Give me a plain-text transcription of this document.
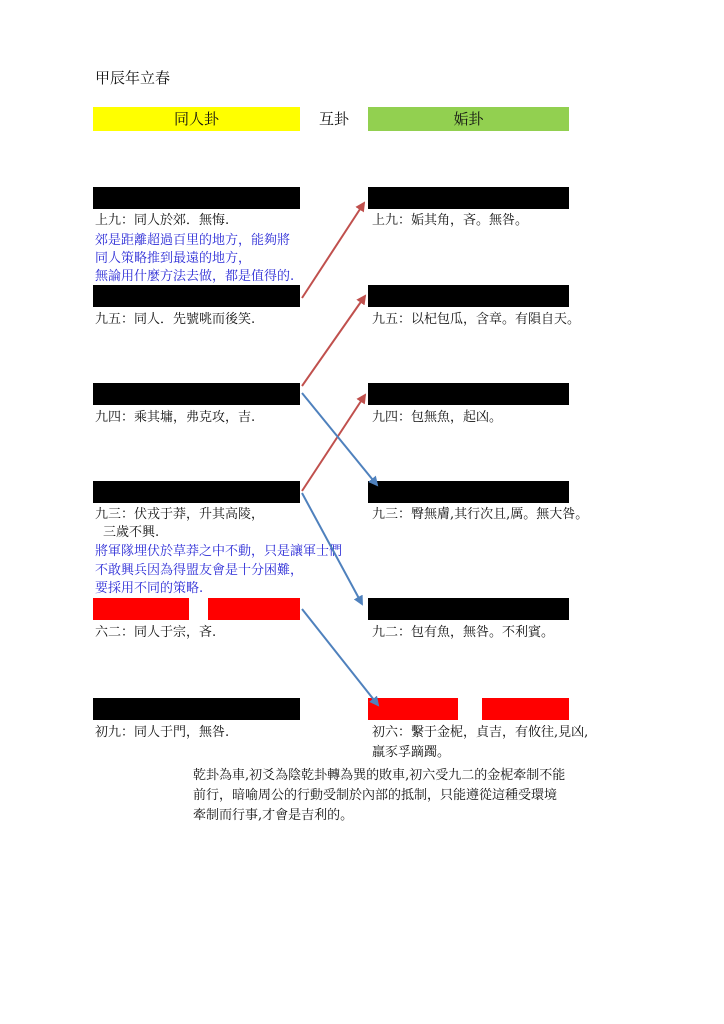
甲辰年立春
同人卦	互卦	姤卦
上九：同人於郊．無悔.
郊是距離超過百里的地方，能夠將
同人策略推到最遠的地方，
無論用什麼方法去做，都是值得的.
九五：同人．先號咷而後笑.
九四：乘其墉，弗克攻，吉.
九三：伏戎于莽，升其高陵，
三歲不興.
將軍隊埋伏於草莽之中不動，只是讓軍士們
不敢興兵因為得盟友會是十分困難，
要採用不同的策略.
六二：同人于宗，吝.
初九：同人于門，無咎.
上九：姤其角，吝。無咎。
九五：以杞包瓜，含章。有隕自天。
九四：包無魚，起凶。
九三：臀無膚,其行次且,厲。無大咎。
九二：包有魚，無咎。不利賓。
初六：繫于金柅，貞吉，有攸往,見凶,
羸豕孚蹢躅。
乾卦為車,初爻為陰乾卦轉為巽的敗車,初六受九二的金柅牽制不能
前行，暗喻周公的行動受制於內部的抵制，只能遵從這種受環境
牽制而行事,才會是吉利的。
